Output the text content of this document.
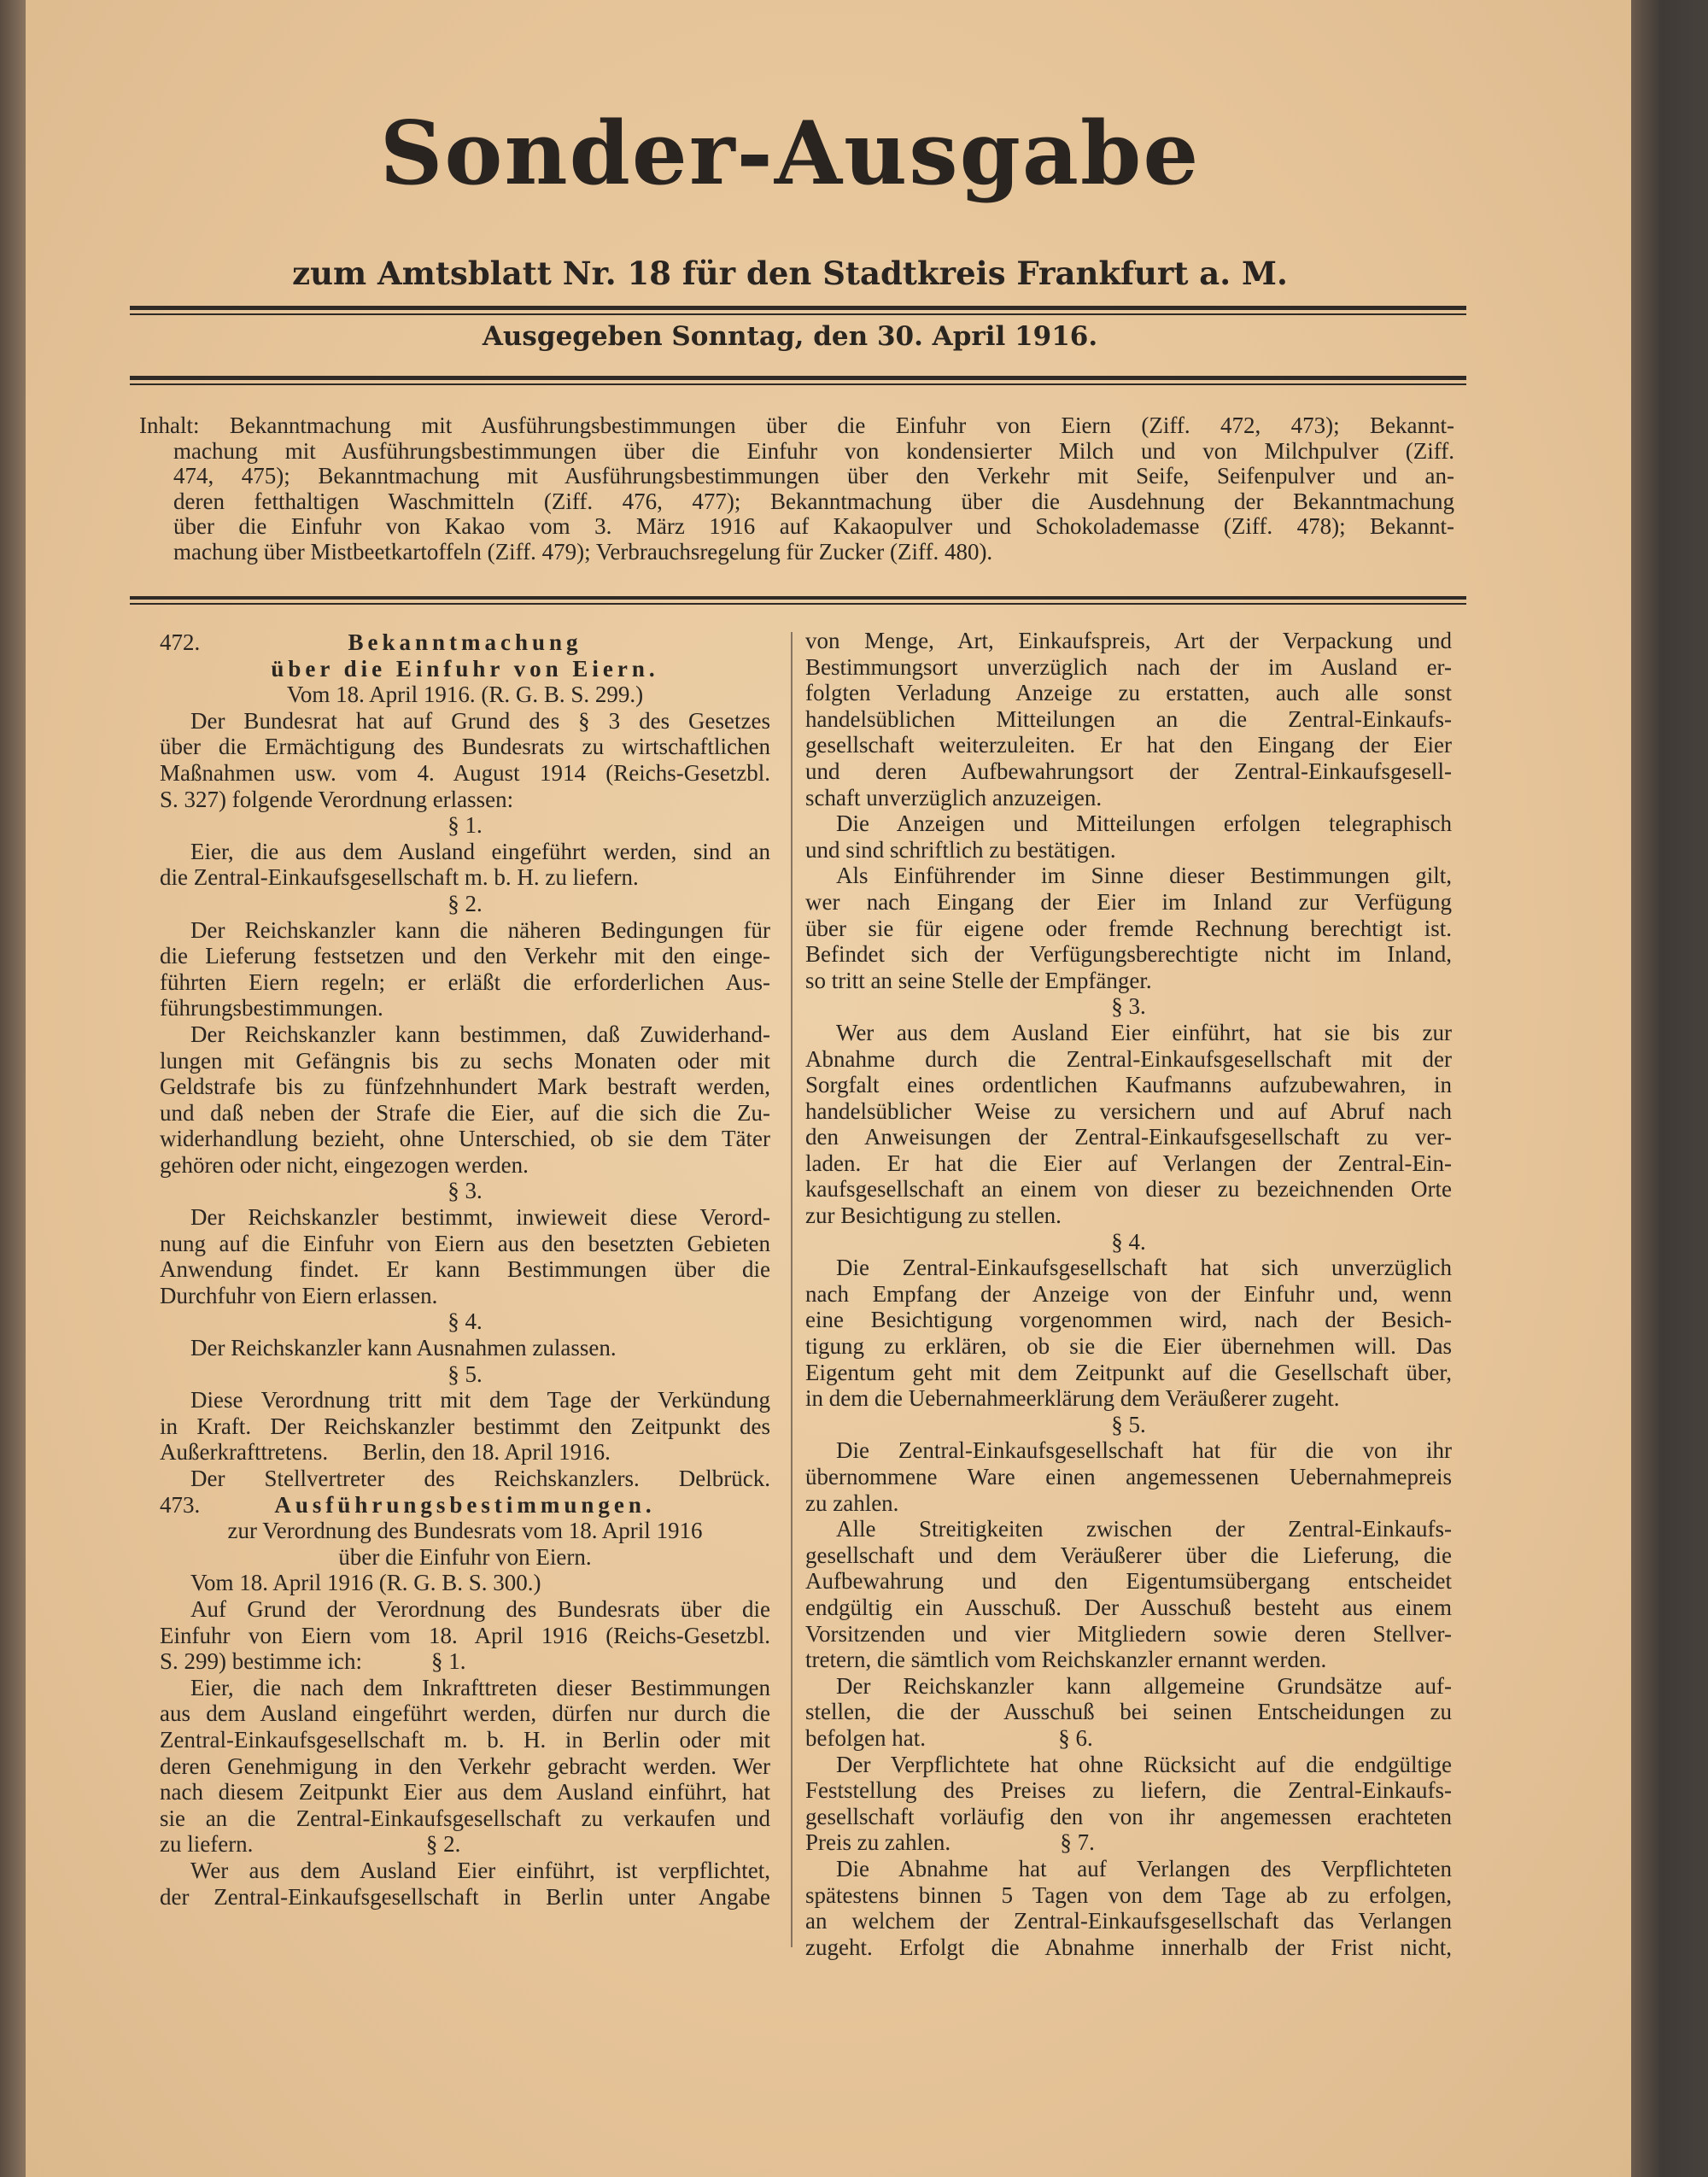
Sonder-Ausgabe
zum Amtsblatt Nr. 18 für den Stadtkreis Frankfurt a. M.
Ausgegeben Sonntag, den 30. April 1916.
Inhalt: Bekanntmachung mit Ausführungsbestimmungen über die Einfuhr von Eiern (Ziff. 472, 473); Bekannt-
machung mit Ausführungsbestimmungen über die Einfuhr von kondensierter Milch und von Milchpulver (Ziff.
474, 475); Bekanntmachung mit Ausführungsbestimmungen über den Verkehr mit Seife, Seifenpulver und an-
deren fetthaltigen Waschmitteln (Ziff. 476, 477); Bekanntmachung über die Ausdehnung der Bekanntmachung
über die Einfuhr von Kakao vom 3. März 1916 auf Kakaopulver und Schokolademasse (Ziff. 478); Bekannt-
machung über Mistbeetkartoffeln (Ziff. 479); Verbrauchsregelung für Zucker (Ziff. 480).
472.	Bekanntmachung
über die Einfuhr von Eiern.
Vom 18. April 1916. (R. G. B. S. 299.)
Der Bundesrat hat auf Grund des § 3 des Gesetzes
über die Ermächtigung des Bundesrats zu wirtschaftlichen
Maßnahmen usw. vom 4. August 1914 (Reichs-Gesetzbl.
S. 327) folgende Verordnung erlassen:
§ 1.
Eier, die aus dem Ausland eingeführt werden, sind an
die Zentral-Einkaufsgesellschaft m. b. H. zu liefern.
§ 2.
Der Reichskanzler kann die näheren Bedingungen für
die Lieferung festsetzen und den Verkehr mit den einge-
führten Eiern regeln; er erläßt die erforderlichen Aus-
führungsbestimmungen.
Der Reichskanzler kann bestimmen, daß Zuwiderhand-
lungen mit Gefängnis bis zu sechs Monaten oder mit
Geldstrafe bis zu fünfzehnhundert Mark bestraft werden,
und daß neben der Strafe die Eier, auf die sich die Zu-
widerhandlung bezieht, ohne Unterschied, ob sie dem Täter
gehören oder nicht, eingezogen werden.
§ 3.
Der Reichskanzler bestimmt, inwieweit diese Verord-
nung auf die Einfuhr von Eiern aus den besetzten Gebieten
Anwendung findet. Er kann Bestimmungen über die
Durchfuhr von Eiern erlassen.
§ 4.
Der Reichskanzler kann Ausnahmen zulassen.
§ 5.
Diese Verordnung tritt mit dem Tage der Verkündung
in Kraft. Der Reichskanzler bestimmt den Zeitpunkt des
Außerkrafttretens.      Berlin, den 18. April 1916.
Der Stellvertreter des Reichskanzlers. Delbrück.
473.	Ausführungsbestimmungen.
zur Verordnung des Bundesrats vom 18. April 1916
über die Einfuhr von Eiern.
Vom 18. April 1916 (R. G. B. S. 300.)
Auf Grund der Verordnung des Bundesrats über die
Einfuhr von Eiern vom 18. April 1916 (Reichs-Gesetzbl.
S. 299) bestimme ich:            § 1.
Eier, die nach dem Inkrafttreten dieser Bestimmungen
aus dem Ausland eingeführt werden, dürfen nur durch die
Zentral-Einkaufsgesellschaft m. b. H. in Berlin oder mit
deren Genehmigung in den Verkehr gebracht werden. Wer
nach diesem Zeitpunkt Eier aus dem Ausland einführt, hat
sie an die Zentral-Einkaufsgesellschaft zu verkaufen und
zu liefern.                              § 2.
Wer aus dem Ausland Eier einführt, ist verpflichtet,
der Zentral-Einkaufsgesellschaft in Berlin unter Angabe
von Menge, Art, Einkaufspreis, Art der Verpackung und
Bestimmungsort unverzüglich nach der im Ausland er-
folgten Verladung Anzeige zu erstatten, auch alle sonst
handelsüblichen Mitteilungen an die Zentral-Einkaufs-
gesellschaft weiterzuleiten. Er hat den Eingang der Eier
und deren Aufbewahrungsort der Zentral-Einkaufsgesell-
schaft unverzüglich anzuzeigen.
Die Anzeigen und Mitteilungen erfolgen telegraphisch
und sind schriftlich zu bestätigen.
Als Einführender im Sinne dieser Bestimmungen gilt,
wer nach Eingang der Eier im Inland zur Verfügung
über sie für eigene oder fremde Rechnung berechtigt ist.
Befindet sich der Verfügungsberechtigte nicht im Inland,
so tritt an seine Stelle der Empfänger.
§ 3.
Wer aus dem Ausland Eier einführt, hat sie bis zur
Abnahme durch die Zentral-Einkaufsgesellschaft mit der
Sorgfalt eines ordentlichen Kaufmanns aufzubewahren, in
handelsüblicher Weise zu versichern und auf Abruf nach
den Anweisungen der Zentral-Einkaufsgesellschaft zu ver-
laden. Er hat die Eier auf Verlangen der Zentral-Ein-
kaufsgesellschaft an einem von dieser zu bezeichnenden Orte
zur Besichtigung zu stellen.
§ 4.
Die Zentral-Einkaufsgesellschaft hat sich unverzüglich
nach Empfang der Anzeige von der Einfuhr und, wenn
eine Besichtigung vorgenommen wird, nach der Besich-
tigung zu erklären, ob sie die Eier übernehmen will. Das
Eigentum geht mit dem Zeitpunkt auf die Gesellschaft über,
in dem die Uebernahmeerklärung dem Veräußerer zugeht.
§ 5.
Die Zentral-Einkaufsgesellschaft hat für die von ihr
übernommene Ware einen angemessenen Uebernahmepreis
zu zahlen.
Alle Streitigkeiten zwischen der Zentral-Einkaufs-
gesellschaft und dem Veräußerer über die Lieferung, die
Aufbewahrung und den Eigentumsübergang entscheidet
endgültig ein Ausschuß. Der Ausschuß besteht aus einem
Vorsitzenden und vier Mitgliedern sowie deren Stellver-
tretern, die sämtlich vom Reichskanzler ernannt werden.
Der Reichskanzler kann allgemeine Grundsätze auf-
stellen, die der Ausschuß bei seinen Entscheidungen zu
befolgen hat.                       § 6.
Der Verpflichtete hat ohne Rücksicht auf die endgültige
Feststellung des Preises zu liefern, die Zentral-Einkaufs-
gesellschaft vorläufig den von ihr angemessen erachteten
Preis zu zahlen.                   § 7.
Die Abnahme hat auf Verlangen des Verpflichteten
spätestens binnen 5 Tagen von dem Tage ab zu erfolgen,
an welchem der Zentral-Einkaufsgesellschaft das Verlangen
zugeht. Erfolgt die Abnahme innerhalb der Frist nicht,
